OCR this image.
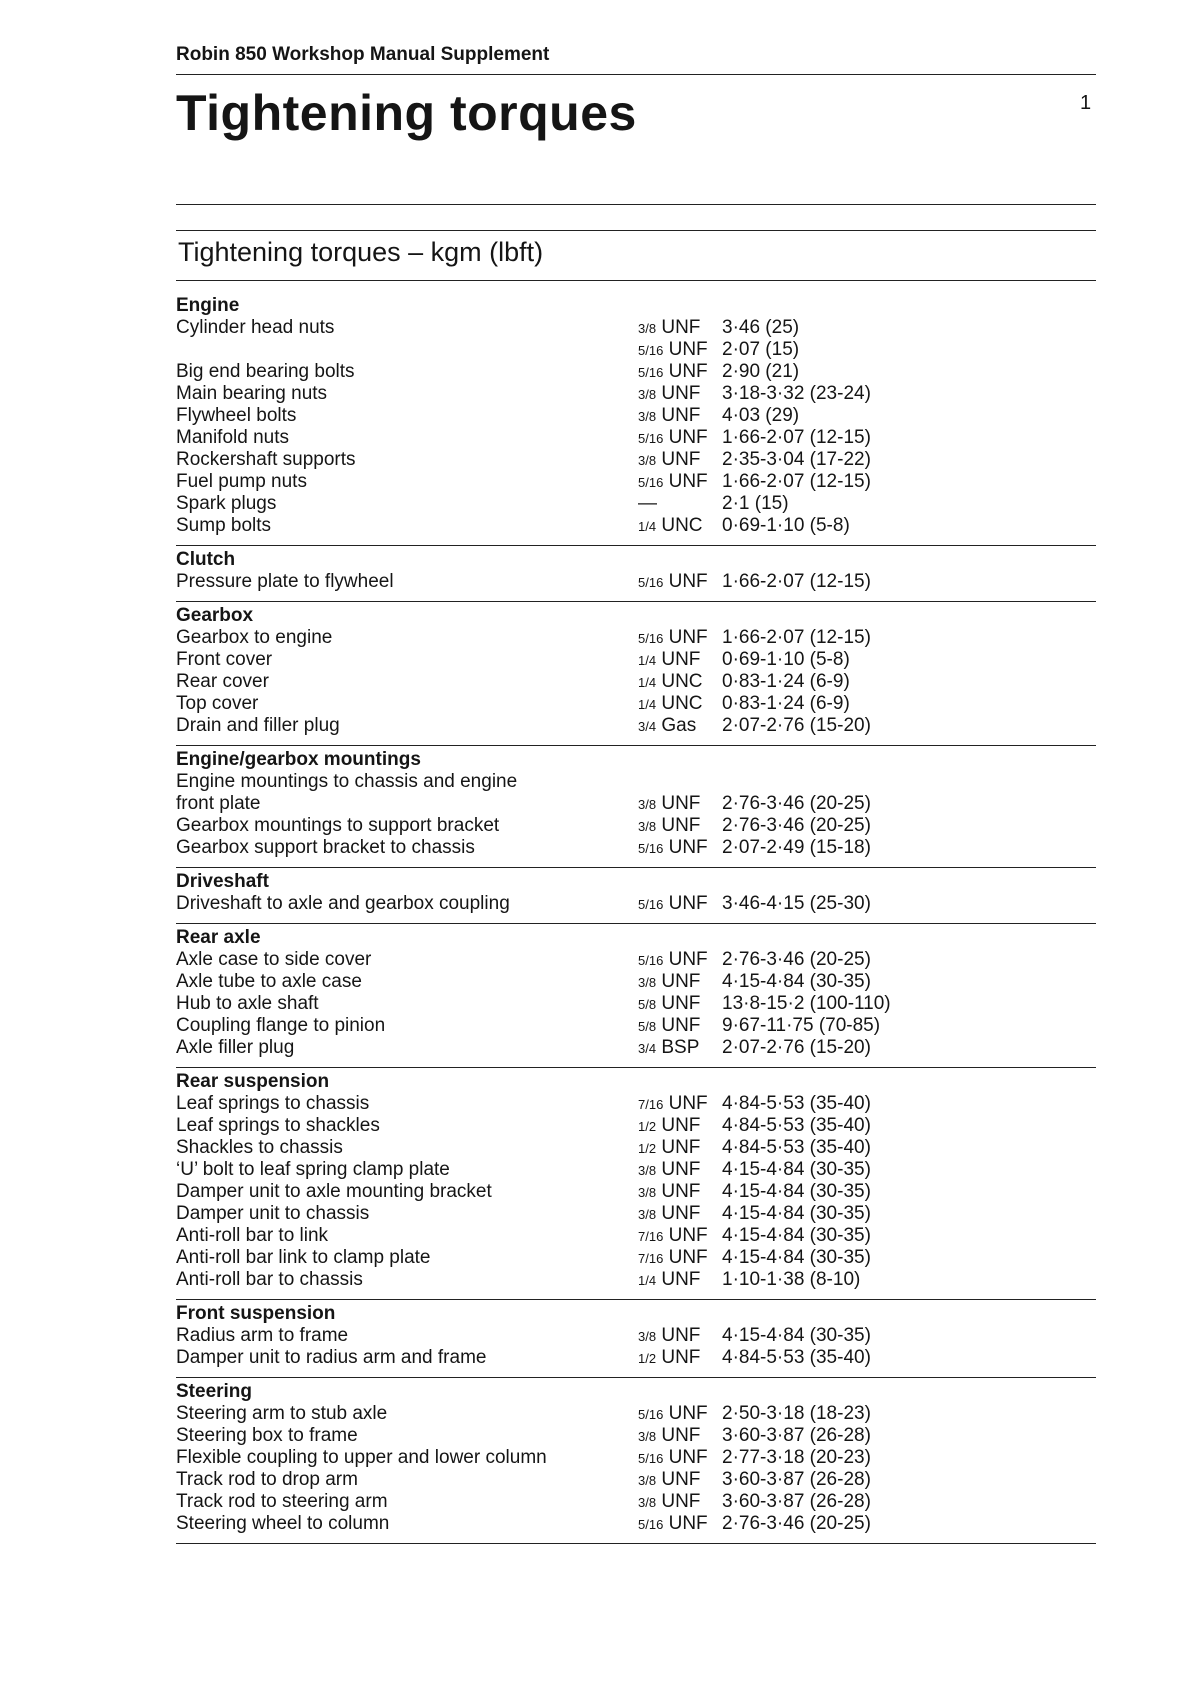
Robin 850 Workshop Manual Supplement
Tightening torques	1
Tightening torques – kgm (lbft)
Engine
Cylinder head nuts	3/8 UNF	3·46 (25)
5/16 UNF 2·07 (15)
Big end bearing bolts	5/16 UNF 2·90 (21)
Main bearing nuts	3/8 UNF	3·18-3·32 (23-24)
Flywheel bolts	3/8 UNF	4·03 (29)
Manifold nuts	5/16 UNF 1·66-2·07 (12-15)
Rockershaft supports	3/8 UNF	2·35-3·04 (17-22)
Fuel pump nuts	5/16 UNF 1·66-2·07 (12-15)
Spark plugs	—	2·1 (15)
Sump bolts	1/4 UNC	0·69-1·10 (5-8)
Clutch
Pressure plate to flywheel	5/16 UNF 1·66-2·07 (12-15)
Gearbox
Gearbox to engine	5/16 UNF 1·66-2·07 (12-15)
Front cover	1/4 UNF	0·69-1·10 (5-8)
Rear cover	1/4 UNC	0·83-1·24 (6-9)
Top cover	1/4 UNC	0·83-1·24 (6-9)
Drain and filler plug	3/4 Gas	2·07-2·76 (15-20)
Engine/gearbox mountings
Engine mountings to chassis and engine
front plate	3/8 UNF	2·76-3·46 (20-25)
Gearbox mountings to support bracket	3/8 UNF	2·76-3·46 (20-25)
Gearbox support bracket to chassis	5/16 UNF 2·07-2·49 (15-18)
Driveshaft
Driveshaft to axle and gearbox coupling	5/16 UNF 3·46-4·15 (25-30)
Rear axle
Axle case to side cover	5/16 UNF 2·76-3·46 (20-25)
Axle tube to axle case	3/8 UNF	4·15-4·84 (30-35)
Hub to axle shaft	5/8 UNF	13·8-15·2 (100-110)
Coupling flange to pinion	5/8 UNF	9·67-11·75 (70-85)
Axle filler plug	3/4 BSP	2·07-2·76 (15-20)
Rear suspension
Leaf springs to chassis	7/16 UNF 4·84-5·53 (35-40)
Leaf springs to shackles	1/2 UNF	4·84-5·53 (35-40)
Shackles to chassis	1/2 UNF	4·84-5·53 (35-40)
‘U’ bolt to leaf spring clamp plate	3/8 UNF	4·15-4·84 (30-35)
Damper unit to axle mounting bracket	3/8 UNF	4·15-4·84 (30-35)
Damper unit to chassis	3/8 UNF	4·15-4·84 (30-35)
Anti-roll bar to link	7/16 UNF 4·15-4·84 (30-35)
Anti-roll bar link to clamp plate	7/16 UNF 4·15-4·84 (30-35)
Anti-roll bar to chassis	1/4 UNF	1·10-1·38 (8-10)
Front suspension
Radius arm to frame	3/8 UNF	4·15-4·84 (30-35)
Damper unit to radius arm and frame	1/2 UNF	4·84-5·53 (35-40)
Steering
Steering arm to stub axle	5/16 UNF 2·50-3·18 (18-23)
Steering box to frame	3/8 UNF	3·60-3·87 (26-28)
Flexible coupling to upper and lower column	5/16 UNF 2·77-3·18 (20-23)
Track rod to drop arm	3/8 UNF	3·60-3·87 (26-28)
Track rod to steering arm	3/8 UNF	3·60-3·87 (26-28)
Steering wheel to column	5/16 UNF 2·76-3·46 (20-25)
